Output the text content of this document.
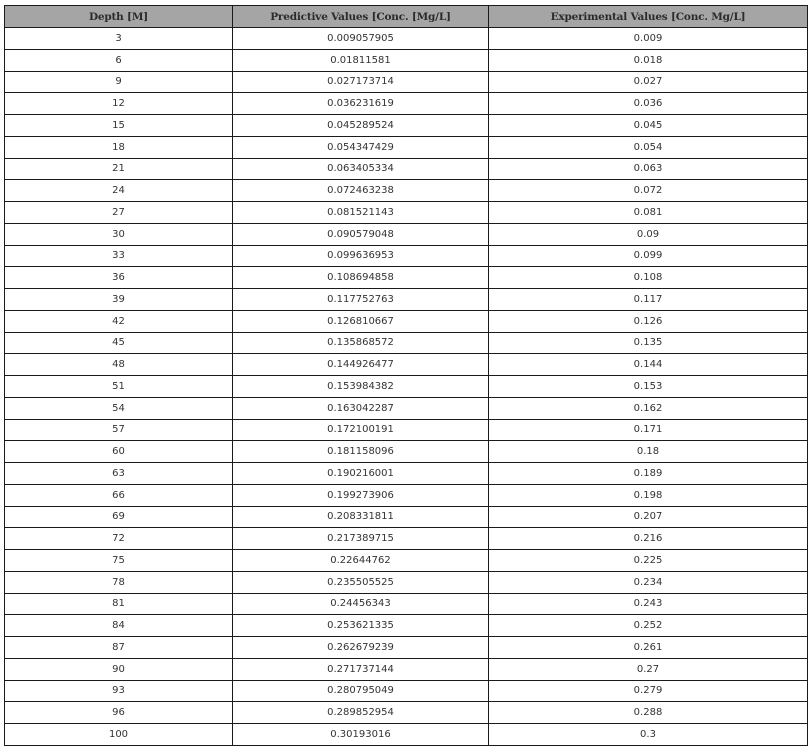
Depth [M]	Predictive Values [Conc. [Mg/L]	Experimental Values [Conc. Mg/L]
3	0.009057905	0.009
6	0.01811581	0.018
9	0.027173714	0.027
12	0.036231619	0.036
15	0.045289524	0.045
18	0.054347429	0.054
21	0.063405334	0.063
24	0.072463238	0.072
27	0.081521143	0.081
30	0.090579048	0.09
33	0.099636953	0.099
36	0.108694858	0.108
39	0.117752763	0.117
42	0.126810667	0.126
45	0.135868572	0.135
48	0.144926477	0.144
51	0.153984382	0.153
54	0.163042287	0.162
57	0.172100191	0.171
60	0.181158096	0.18
63	0.190216001	0.189
66	0.199273906	0.198
69	0.208331811	0.207
72	0.217389715	0.216
75	0.22644762	0.225
78	0.235505525	0.234
81	0.24456343	0.243
84	0.253621335	0.252
87	0.262679239	0.261
90	0.271737144	0.27
93	0.280795049	0.279
96	0.289852954	0.288
100	0.30193016	0.3
